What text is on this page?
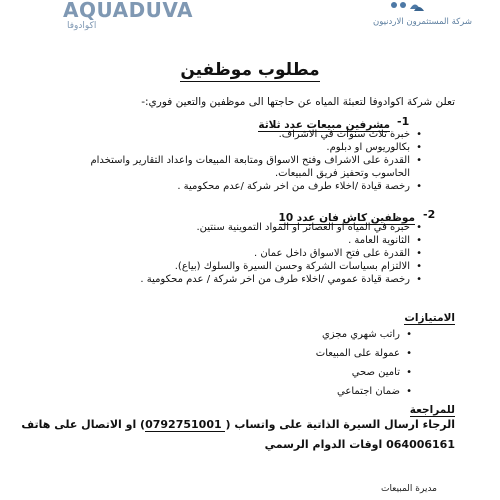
AQUADUVA
اكوادوفا	شركة المستثمرون الاردنيون
مطلوب موظفين
تعلن شركة اكوادوفا لتعبئة المياه عن حاجتها الى موظفين والتعين فوري:-
-1
مشرفين مبيعات عدد ثلاثة
•
خبرة ثلاث سنوات في الاشراف.
•
بكالوريوس او دبلوم.
•
القدرة على الاشراف وفتح الاسواق ومتابعة المبيعات واعداد التقارير واستخدام الحاسوب وتحفيز فريق المبيعات.
•
رخصة قيادة /اخلاء طرف من اخر شركة /عدم محكومية .
-2
موظفين كاش فان عدد 10
•
خبرة في المياه او العصائر او المواد التموينية سنتين.
•
الثانوية العامة .
•
القدرة على فتح الاسواق داخل عمان .
•
الالتزام بسياسات الشركة وحسن السيرة والسلوك (بياع).
•
رخصة قيادة عمومي /اخلاء طرف من اخر شركة / عدم محكومية .
الامتيازات
•
راتب شهري مجزي
•
عمولة على المبيعات
•
تامين صحي
•
ضمان اجتماعي
للمراجعة
الرجاء ارسال السيرة الذاتية على واتساب ( 0792751001) او الاتصال على هاتف
064006161 اوقات الدوام الرسمي
مديرة المبيعات
